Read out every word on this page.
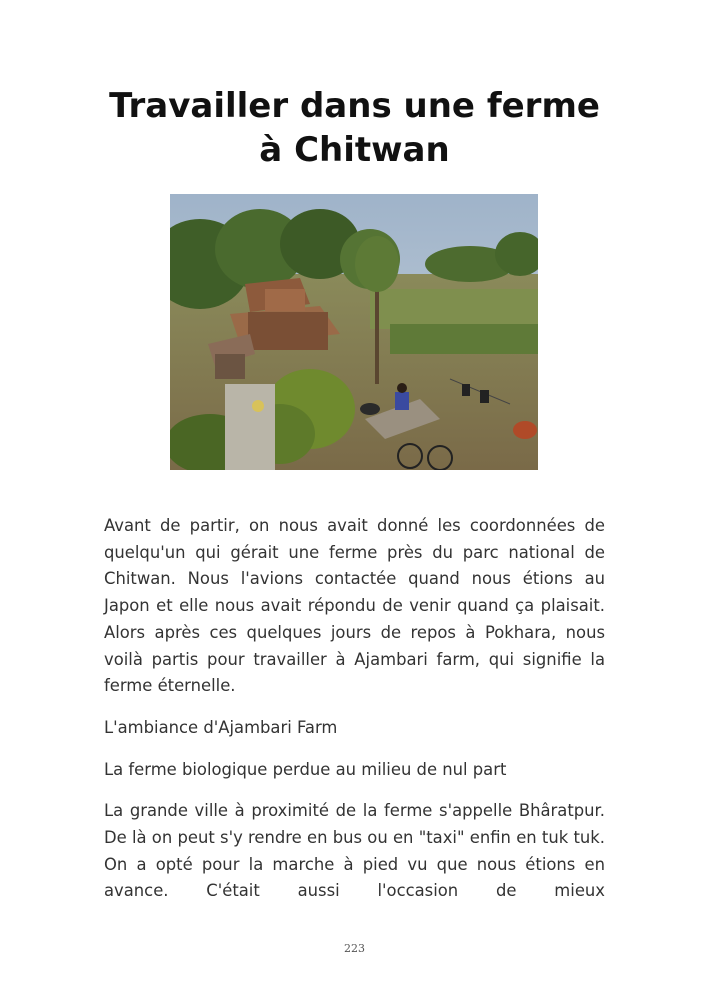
Travailler dans une ferme
à Chitwan

Avant de partir, on nous avait donné les coordonnées de quelqu'un qui gérait une ferme près du parc national de Chitwan. Nous l'avions contactée quand nous étions au Japon et elle nous avait répondu de venir quand ça plaisait. Alors après ces quelques jours de repos à Pokhara, nous voilà partis pour travailler à Ajambari farm, qui signifie la ferme éternelle.

L'ambiance d'Ajambari Farm

La ferme biologique perdue au milieu de nul part

La grande ville à proximité de la ferme s'appelle Bhâratpur. De là on peut s'y rendre en bus ou en "taxi" enfin en tuk tuk. On a opté pour la marche à pied vu que nous étions en avance. C'était aussi l'occasion de mieux

223
